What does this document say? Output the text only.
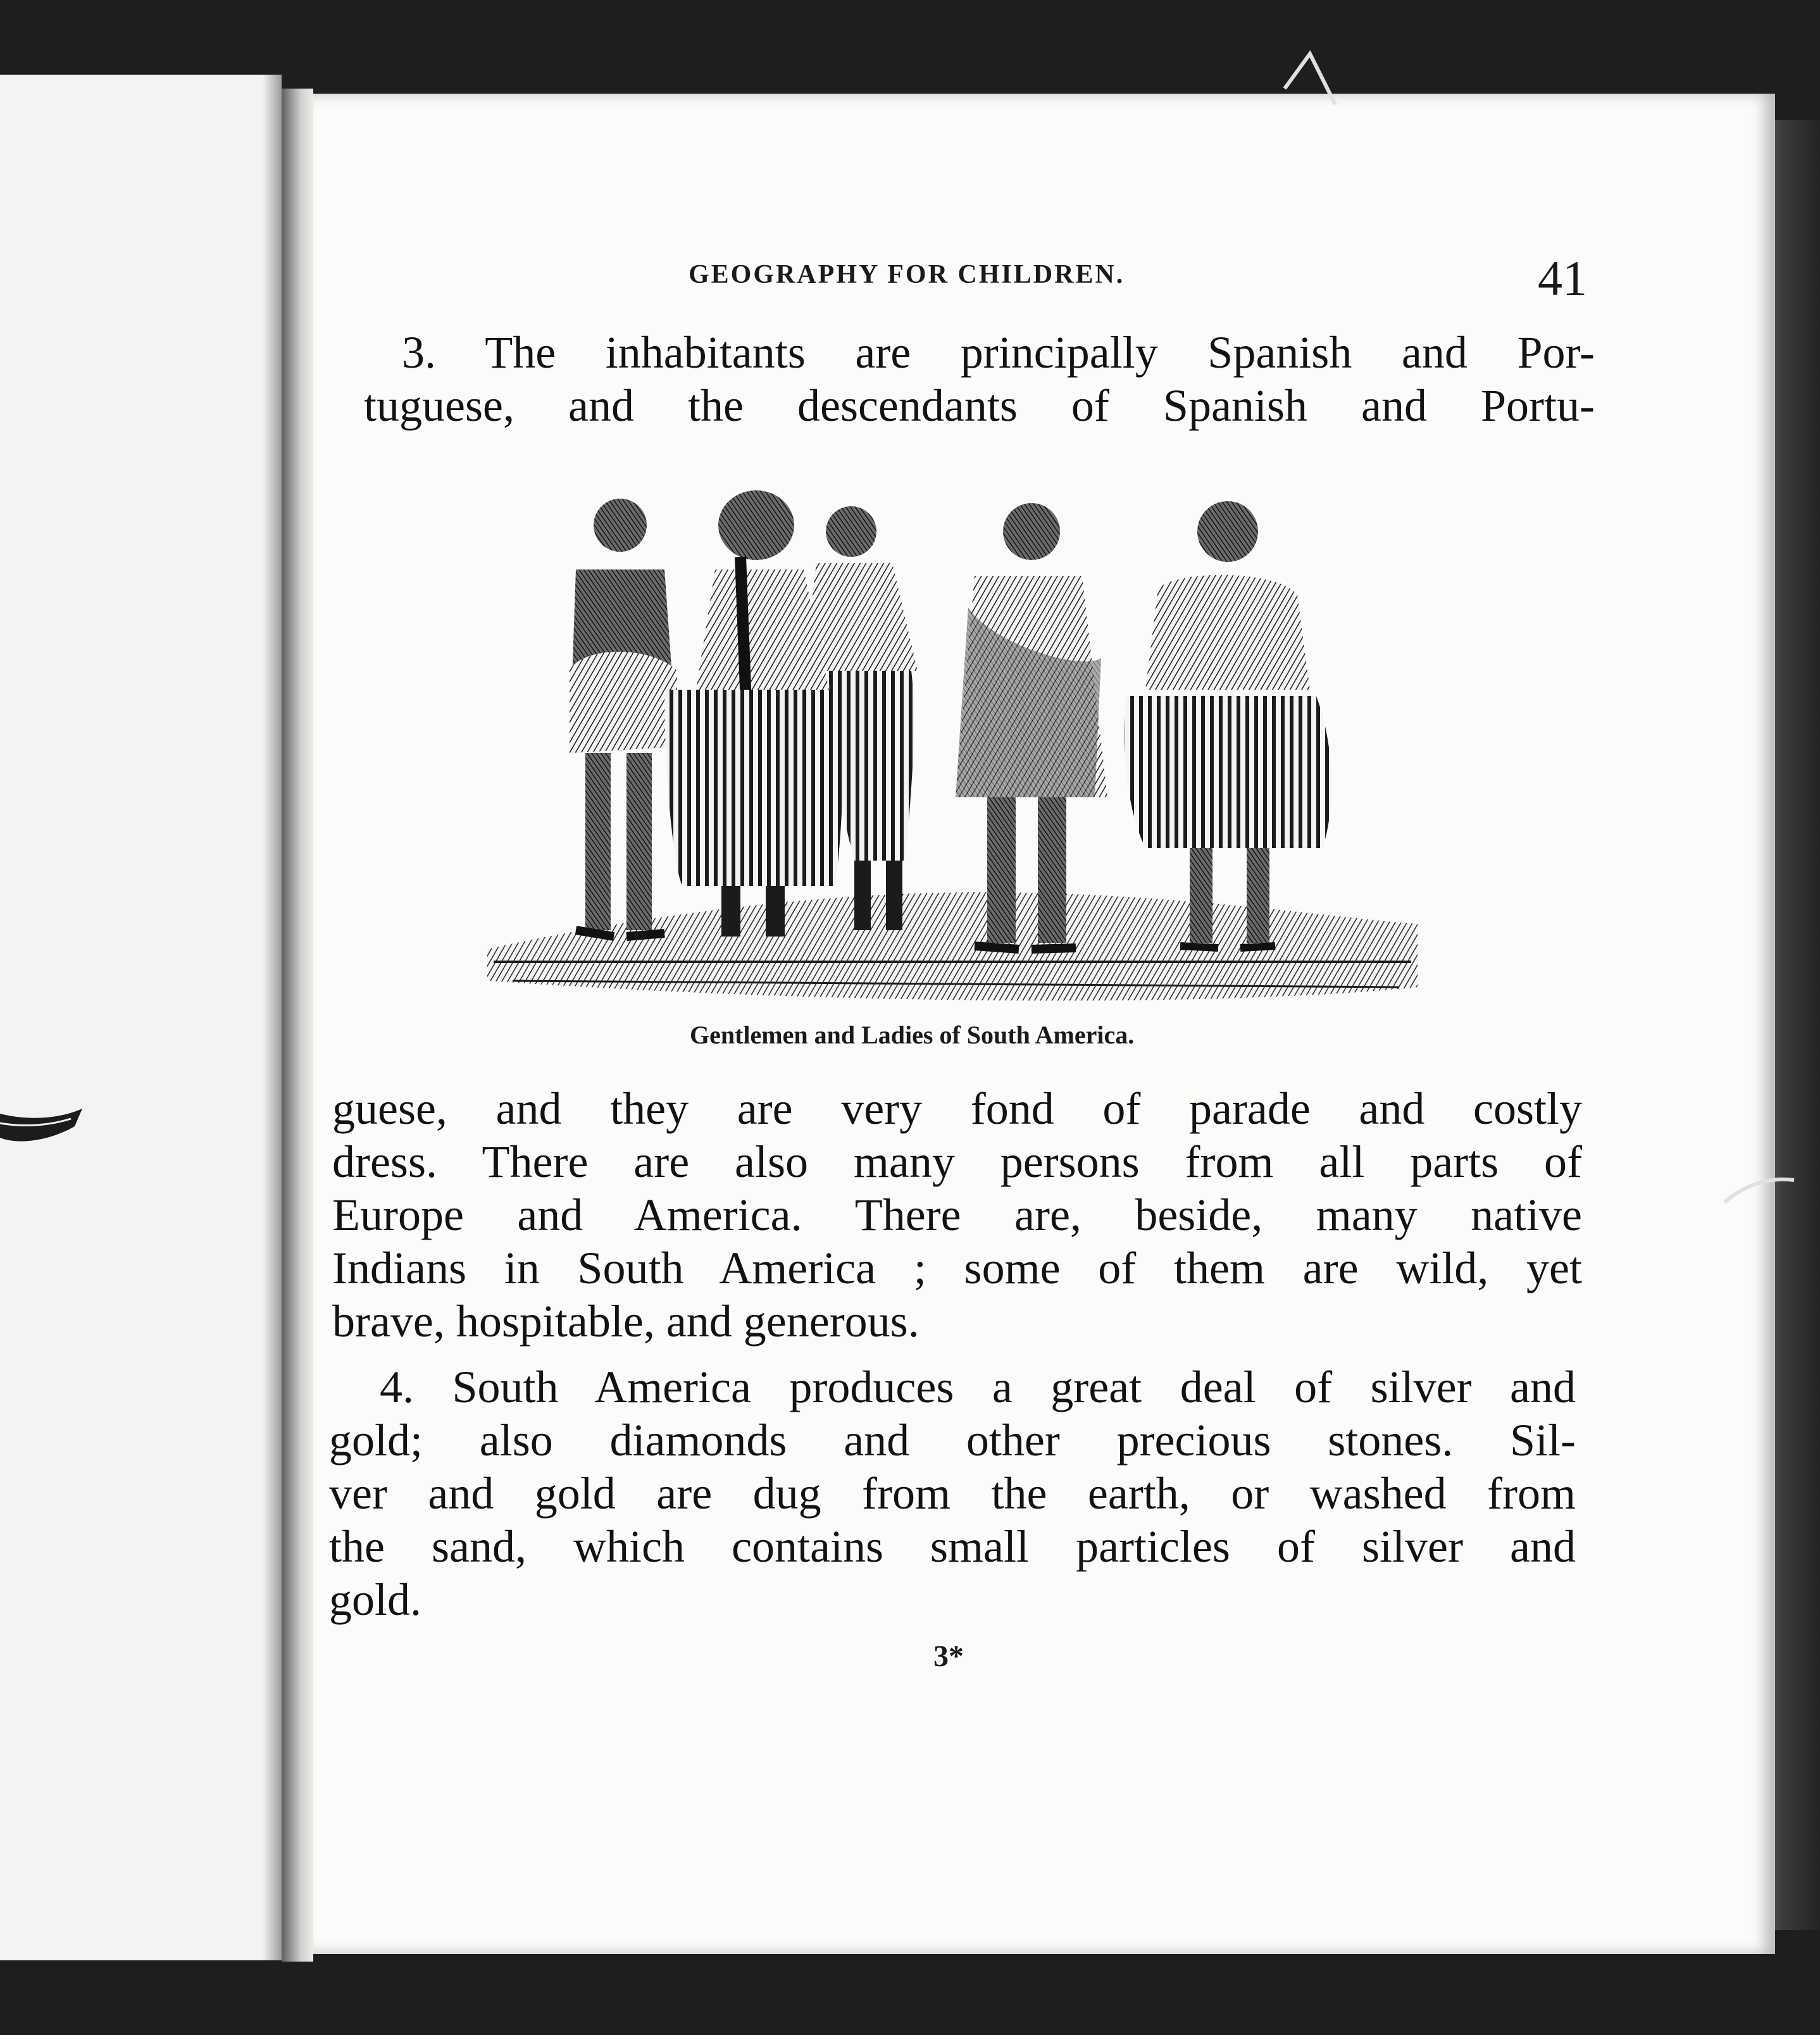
GEOGRAPHY FOR CHILDREN.	41
3. The inhabitants are principally Spanish and Por-
tuguese, and the descendants of Spanish and Portu-
Gentlemen and Ladies of South America.
guese, and they are very fond of parade and costly
dress. There are also many persons from all parts of
Europe and America. There are, beside, many native
Indians in South America ; some of them are wild, yet
brave, hospitable, and generous.
4. South America produces a great deal of silver and
gold; also diamonds and other precious stones. Sil-
ver and gold are dug from the earth, or washed from
the sand, which contains small particles of silver and
gold.
3*
